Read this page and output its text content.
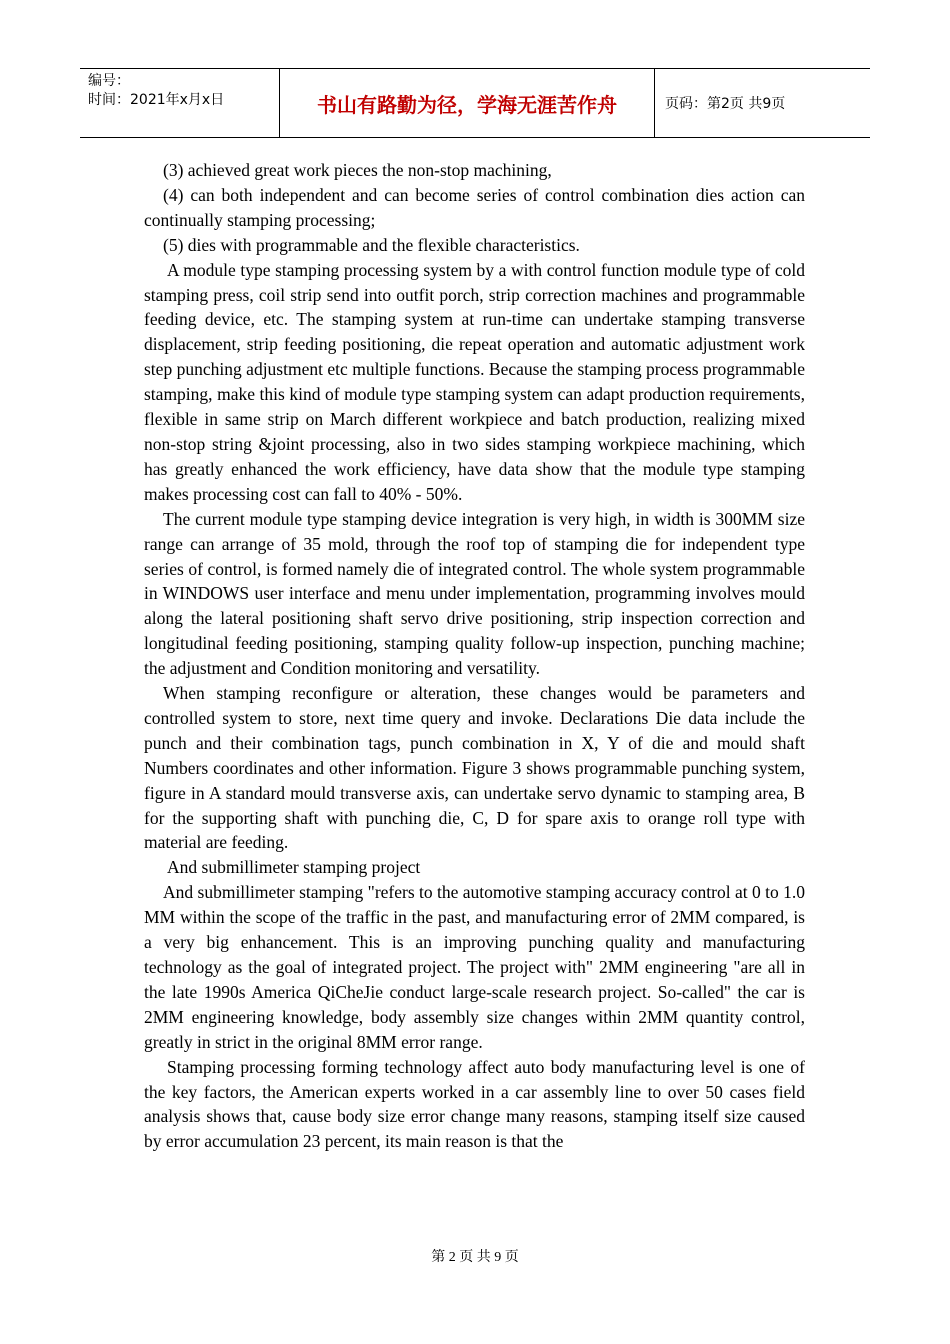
编号：
时间：2021年x月x日	书山有路勤为径，学海无涯苦作舟	页码：第2页 共9页

(3) achieved great work pieces the non-stop machining,

(4) can both independent and can become series of control combination dies action can continually stamping processing;

(5) dies with programmable and the flexible characteristics.

A module type stamping processing system by a with control function module type of cold stamping press, coil strip send into outfit porch, strip correction machines and programmable feeding device, etc. The stamping system at run-time can undertake stamping transverse displacement, strip feeding positioning, die repeat operation and automatic adjustment work step punching adjustment etc multiple functions. Because the stamping process programmable stamping, make this kind of module type stamping system can adapt production requirements, flexible in same strip on March different workpiece and batch production, realizing mixed non-stop string &joint processing, also in two sides stamping workpiece machining, which has greatly enhanced the work efficiency, have data show that the module type stamping makes processing cost can fall to 40% - 50%.

The current module type stamping device integration is very high, in width is 300MM size range can arrange of 35 mold, through the roof top of stamping die for independent type series of control, is formed namely die of integrated control. The whole system programmable in WINDOWS user interface and menu under implementation, programming involves mould along the lateral positioning shaft servo drive positioning, strip inspection correction and longitudinal feeding positioning, stamping quality follow-up inspection, punching machine; the adjustment and Condition monitoring and versatility.

When stamping reconfigure or alteration, these changes would be parameters and controlled system to store, next time query and invoke. Declarations Die data include the punch and their combination tags, punch combination in X, Y of die and mould shaft Numbers coordinates and other information. Figure 3 shows programmable punching system, figure in A standard mould transverse axis, can undertake servo dynamic to stamping area, B for the supporting shaft with punching die, C, D for spare axis to orange roll type with material are feeding.

And submillimeter stamping project

And submillimeter stamping "refers to the automotive stamping accuracy control at 0 to 1.0 MM within the scope of the traffic in the past, and manufacturing error of 2MM compared, is a very big enhancement. This is an improving punching quality and manufacturing technology as the goal of integrated project. The project with" 2MM engineering "are all in the late 1990s America QiCheJie conduct large-scale research project. So-called" the car is 2MM engineering knowledge, body assembly size changes within 2MM quantity control, greatly in strict in the original 8MM error range.

Stamping processing forming technology affect auto body manufacturing level is one of the key factors, the American experts worked in a car assembly line to over 50 cases field analysis shows that, cause body size error change many reasons, stamping itself size caused by error accumulation 23 percent, its main reason is that the

第 2 页 共 9 页
